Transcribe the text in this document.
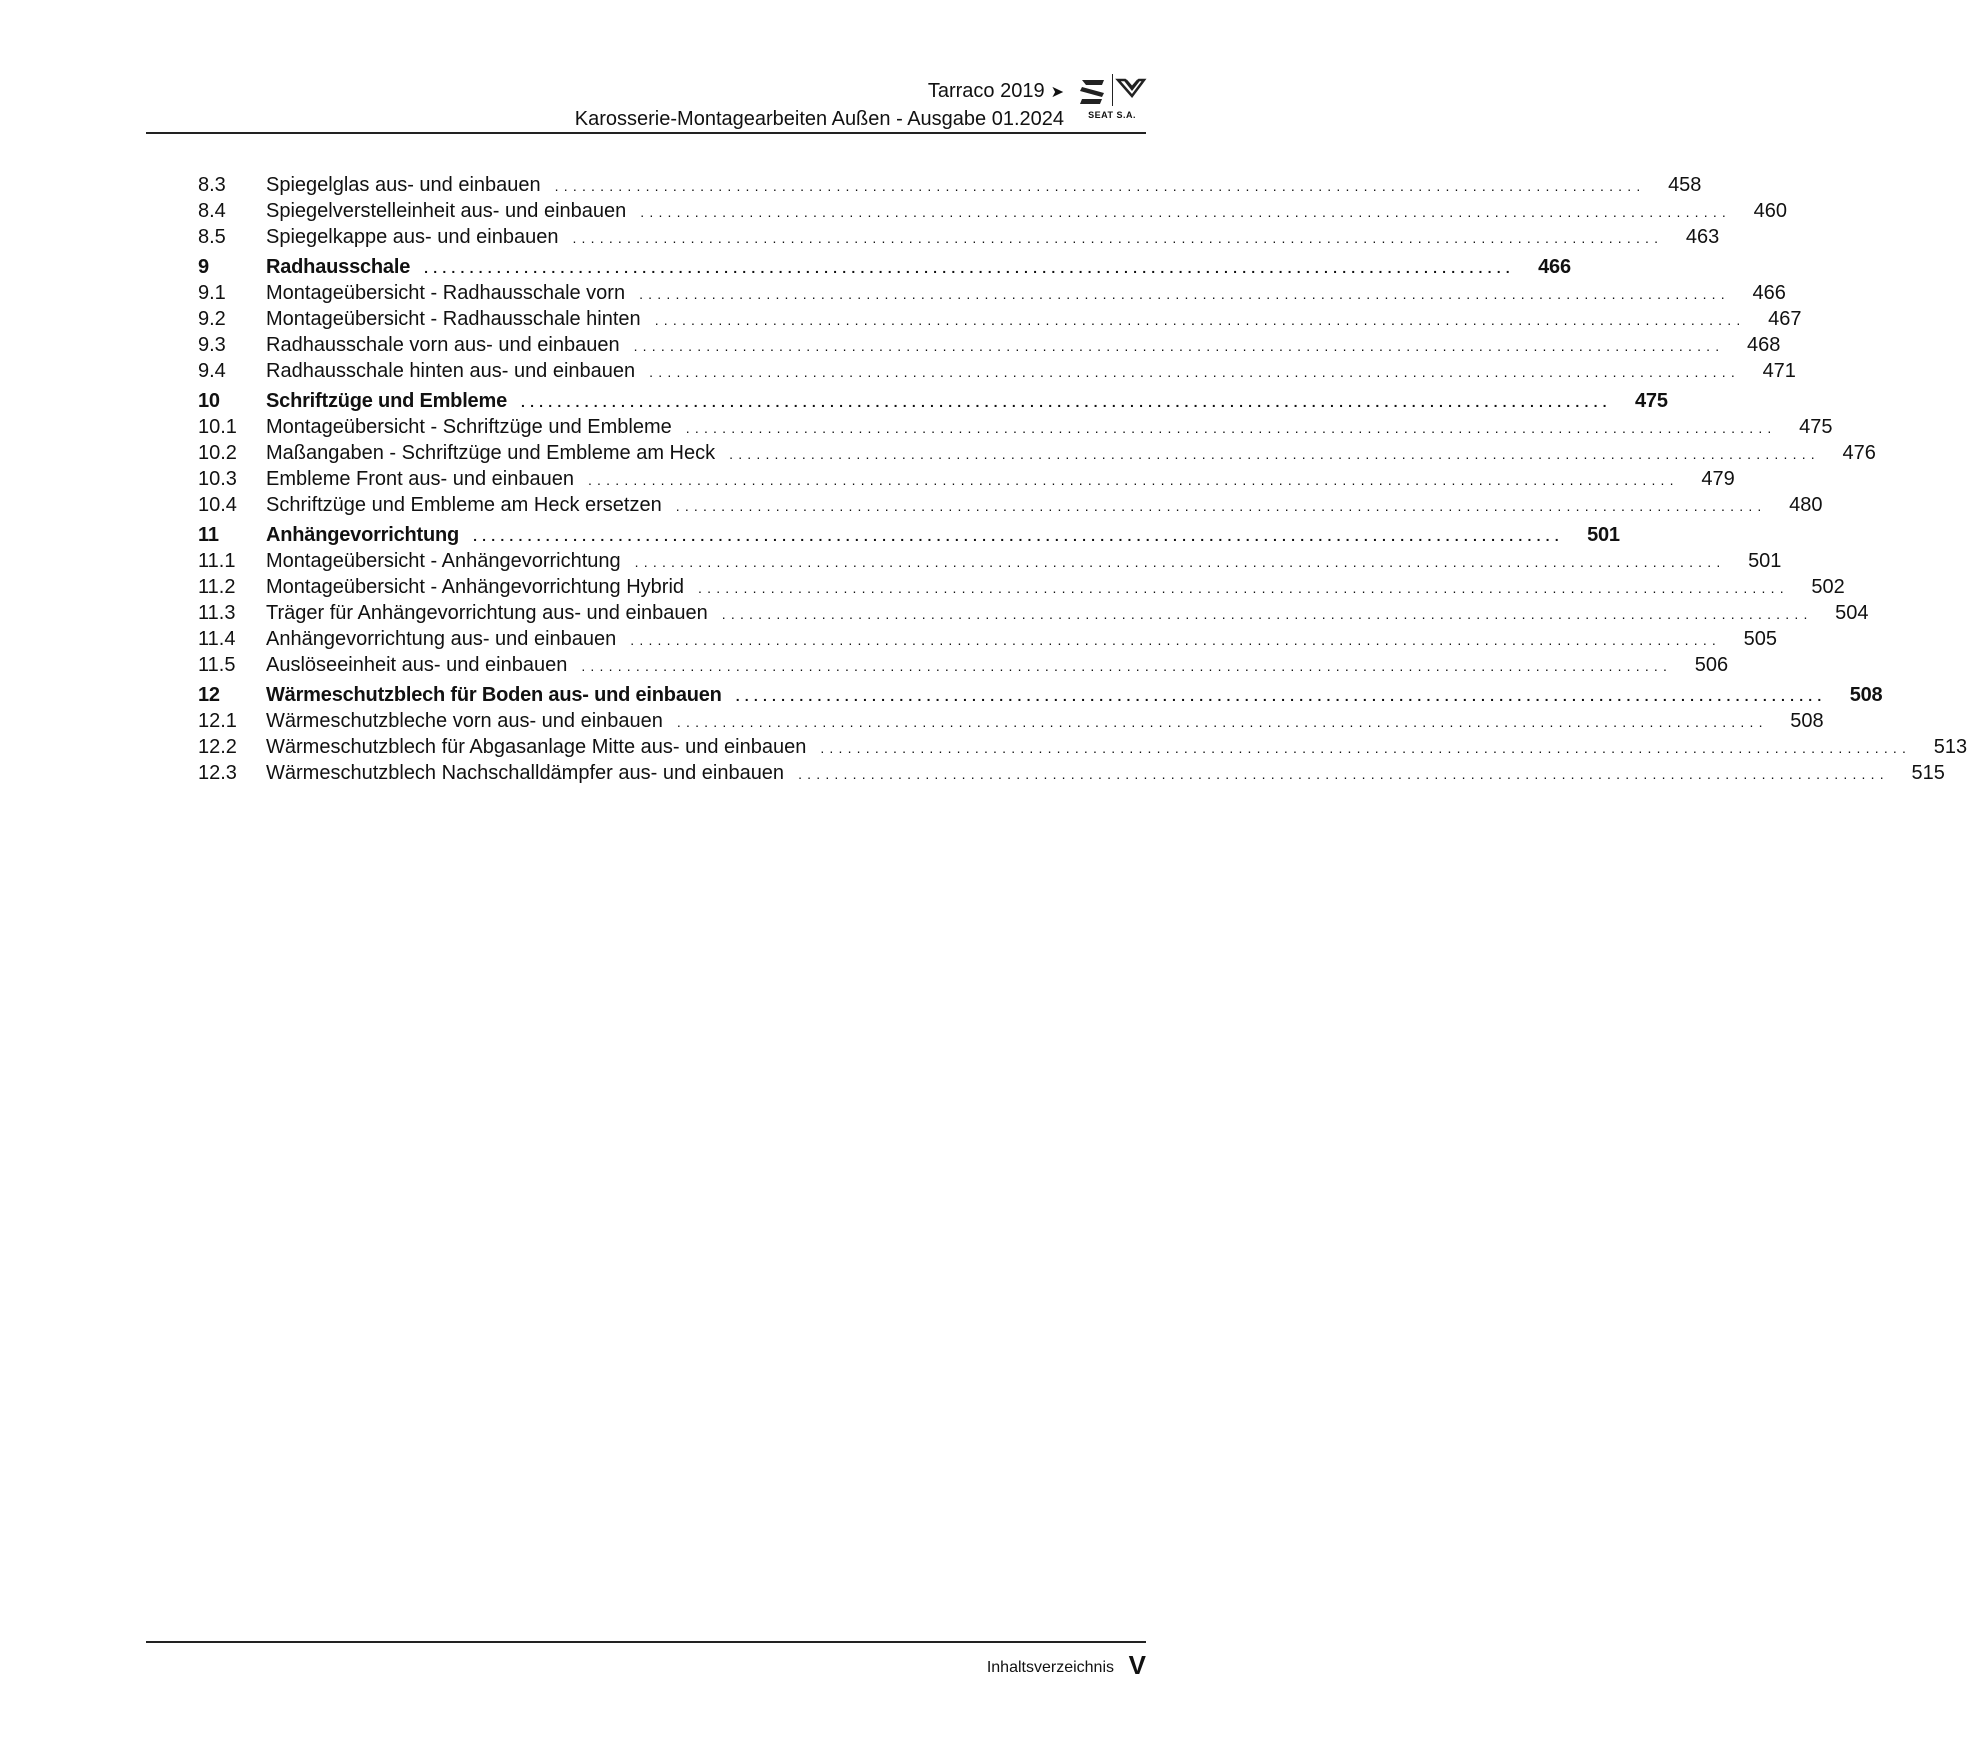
Tarraco 2019 ➤
Karosserie-Montagearbeiten Außen - Ausgabe 01.2024	SEAT S.A.
8.3	Spiegelglas aus- und einbauen ........................................................................................................................	458
8.4	Spiegelverstelleinheit aus- und einbauen ........................................................................................................................	460
8.5	Spiegelkappe aus- und einbauen ........................................................................................................................	463
9	Radhausschale ........................................................................................................................	466
9.1	Montageübersicht - Radhausschale vorn ........................................................................................................................	466
9.2	Montageübersicht - Radhausschale hinten ........................................................................................................................	467
9.3	Radhausschale vorn aus- und einbauen ........................................................................................................................	468
9.4	Radhausschale hinten aus- und einbauen ........................................................................................................................	471
10	Schriftzüge und Embleme ........................................................................................................................	475
10.1	Montageübersicht - Schriftzüge und Embleme ........................................................................................................................	475
10.2	Maßangaben - Schriftzüge und Embleme am Heck ........................................................................................................................	476
10.3	Embleme Front aus- und einbauen ........................................................................................................................	479
10.4	Schriftzüge und Embleme am Heck ersetzen ........................................................................................................................	480
11	Anhängevorrichtung ........................................................................................................................	501
11.1	Montageübersicht - Anhängevorrichtung ........................................................................................................................	501
11.2	Montageübersicht - Anhängevorrichtung Hybrid ........................................................................................................................	502
11.3	Träger für Anhängevorrichtung aus- und einbauen ........................................................................................................................	504
11.4	Anhängevorrichtung aus- und einbauen ........................................................................................................................	505
11.5	Auslöseeinheit aus- und einbauen ........................................................................................................................	506
12	Wärmeschutzblech für Boden aus- und einbauen ........................................................................................................................	508
12.1	Wärmeschutzbleche vorn aus- und einbauen ........................................................................................................................	508
12.2	Wärmeschutzblech für Abgasanlage Mitte aus- und einbauen ........................................................................................................................	513
12.3	Wärmeschutzblech Nachschalldämpfer aus- und einbauen ........................................................................................................................	515
Inhaltsverzeichnis V
